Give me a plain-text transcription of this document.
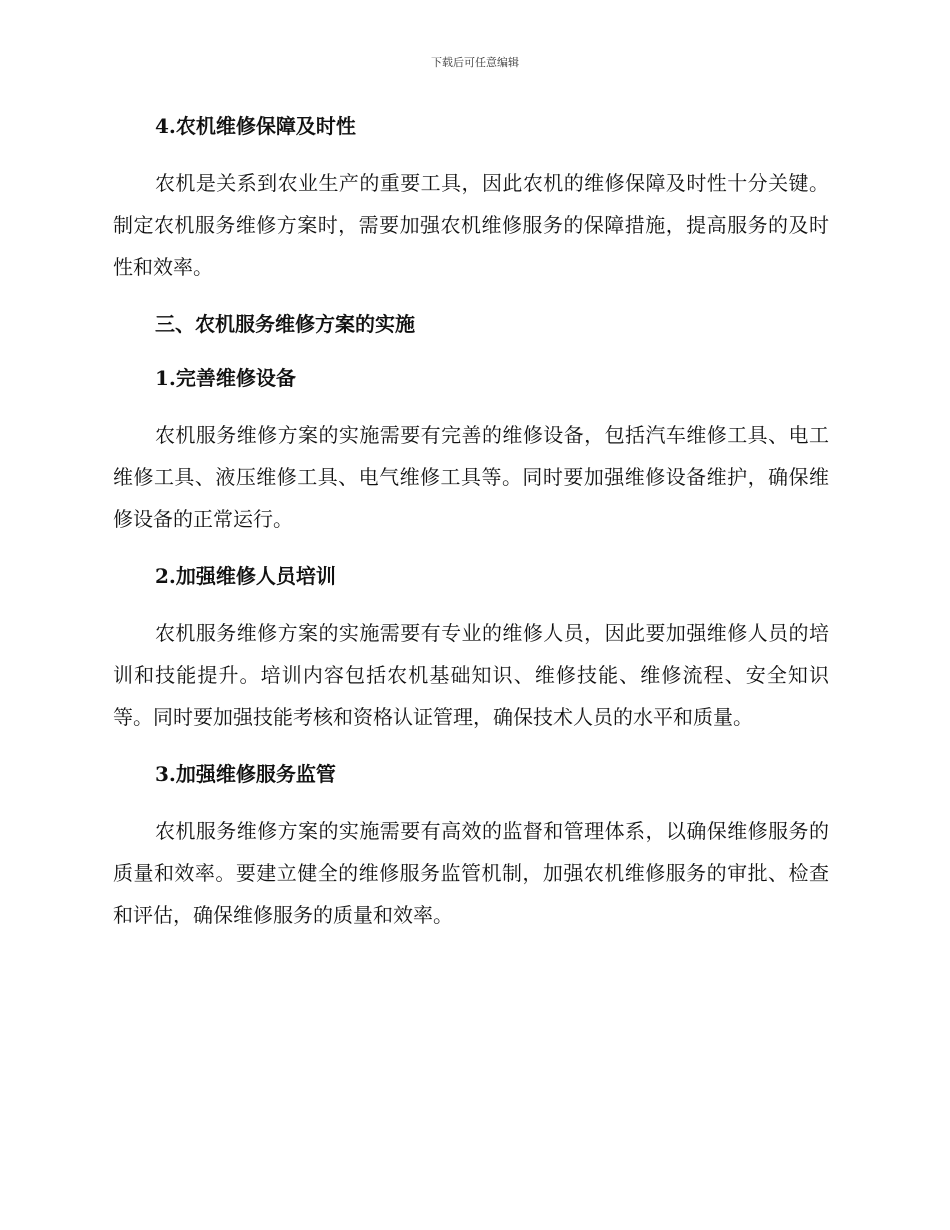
下载后可任意编辑
4.农机维修保障及时性

农机是关系到农业生产的重要工具，因此农机的维修保障及时性十分关键。制定农机服务维修方案时，需要加强农机维修服务的保障措施，提高服务的及时性和效率。

三、农机服务维修方案的实施
1.完善维修设备

农机服务维修方案的实施需要有完善的维修设备，包括汽车维修工具、电工维修工具、液压维修工具、电气维修工具等。同时要加强维修设备维护，确保维修设备的正常运行。

2.加强维修人员培训

农机服务维修方案的实施需要有专业的维修人员，因此要加强维修人员的培训和技能提升。培训内容包括农机基础知识、维修技能、维修流程、安全知识等。同时要加强技能考核和资格认证管理，确保技术人员的水平和质量。

3.加强维修服务监管

农机服务维修方案的实施需要有高效的监督和管理体系，以确保维修服务的质量和效率。要建立健全的维修服务监管机制，加强农机维修服务的审批、检查和评估，确保维修服务的质量和效率。
